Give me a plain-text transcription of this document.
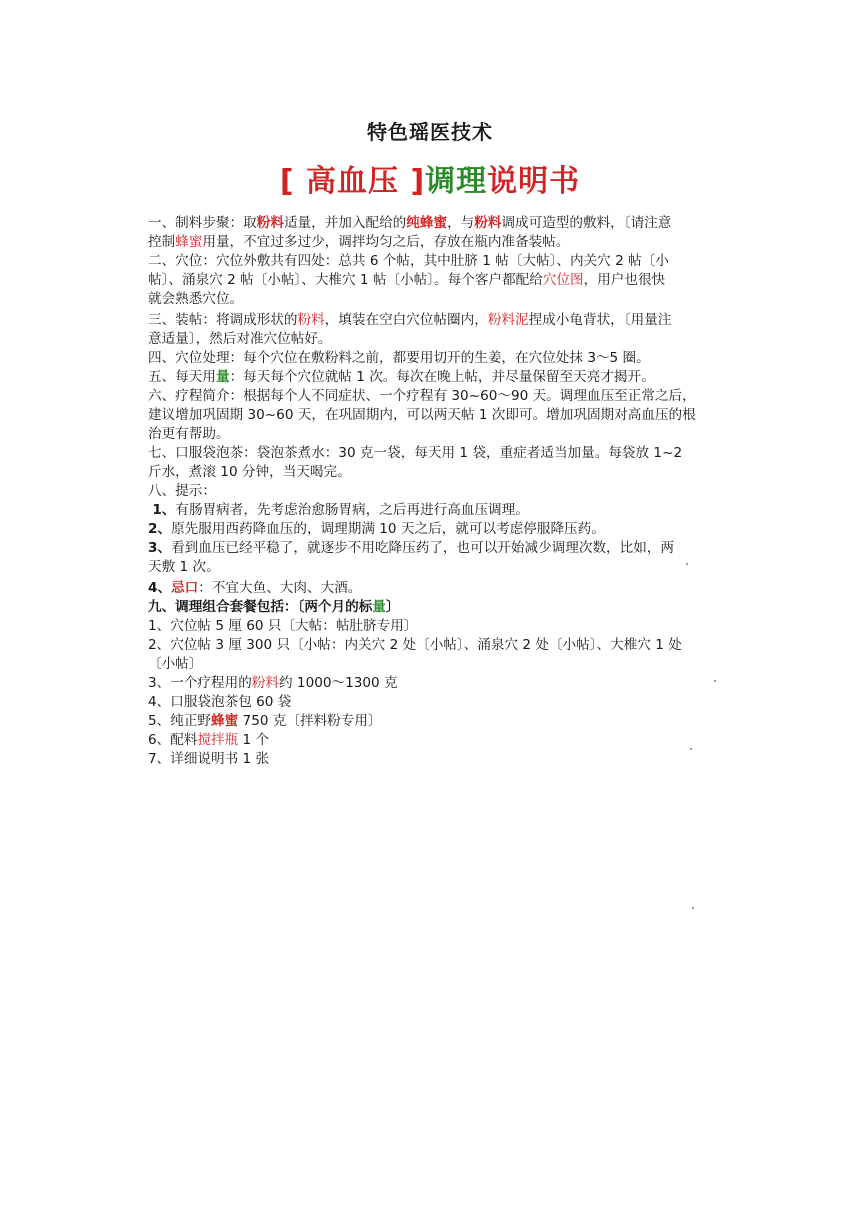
特色瑶医技术
[ 高血压 ]调理说明书
一、制料步聚：取粉料适量，并加入配给的纯蜂蜜，与粉料调成可造型的敷料，〔请注意
控制蜂蜜用量，不宜过多过少，调拌均匀之后，存放在瓶内准备装帖。
二、穴位：穴位外敷共有四处：总共 6 个帖，其中肚脐 1 帖〔大帖〕、内关穴 2 帖〔小
帖〕、涌泉穴 2 帖〔小帖〕、大椎穴 1 帖〔小帖〕。每个客户都配给穴位图，用户也很快
就会熟悉穴位。
三、装帖：将调成形状的粉料，填装在空白穴位帖圈内，粉料泥捏成小龟背状，〔用量注
意适量〕，然后对准穴位帖好。
四、穴位处理：每个穴位在敷粉料之前，都要用切开的生姜，在穴位处抹 3～5 圈。
五、每天用量：每天每个穴位就帖 1 次。每次在晚上帖，并尽量保留至天亮才揭开。
六、疗程简介：根据每个人不同症状、一个疗程有 30~60～90 天。调理血压至正常之后，
建议增加巩固期 30~60 天，在巩固期内，可以两天帖 1 次即可。增加巩固期对高血压的根
治更有帮助。
七、口服袋泡茶：袋泡茶煮水：30 克一袋，每天用 1 袋，重症者适当加量。每袋放 1~2
斤水，煮滚 10 分钟，当天喝完。
八、提示：
1、有肠胃病者，先考虑治愈肠胃病，之后再进行高血压调理。
2、原先服用西药降血压的，调理期满 10 天之后，就可以考虑停服降压药。
3、看到血压已经平稳了，就逐步不用吃降压药了，也可以开始减少调理次数，比如，两
天敷 1 次。
4、忌口：不宜大鱼、大肉、大酒。
九、调理组合套餐包括：〔两个月的标量〕
1、穴位帖 5 厘 60 只〔大帖：帖肚脐专用〕
2、穴位帖 3 厘 300 只〔小帖：内关穴 2 处〔小帖〕、涌泉穴 2 处〔小帖〕、大椎穴 1 处
〔小帖〕
3、一个疗程用的粉料约 1000～1300 克
4、口服袋泡茶包 60 袋
5、纯正野蜂蜜 750 克〔拌料粉专用〕
6、配料搅拌瓶 1 个
7、详细说明书 1 张
